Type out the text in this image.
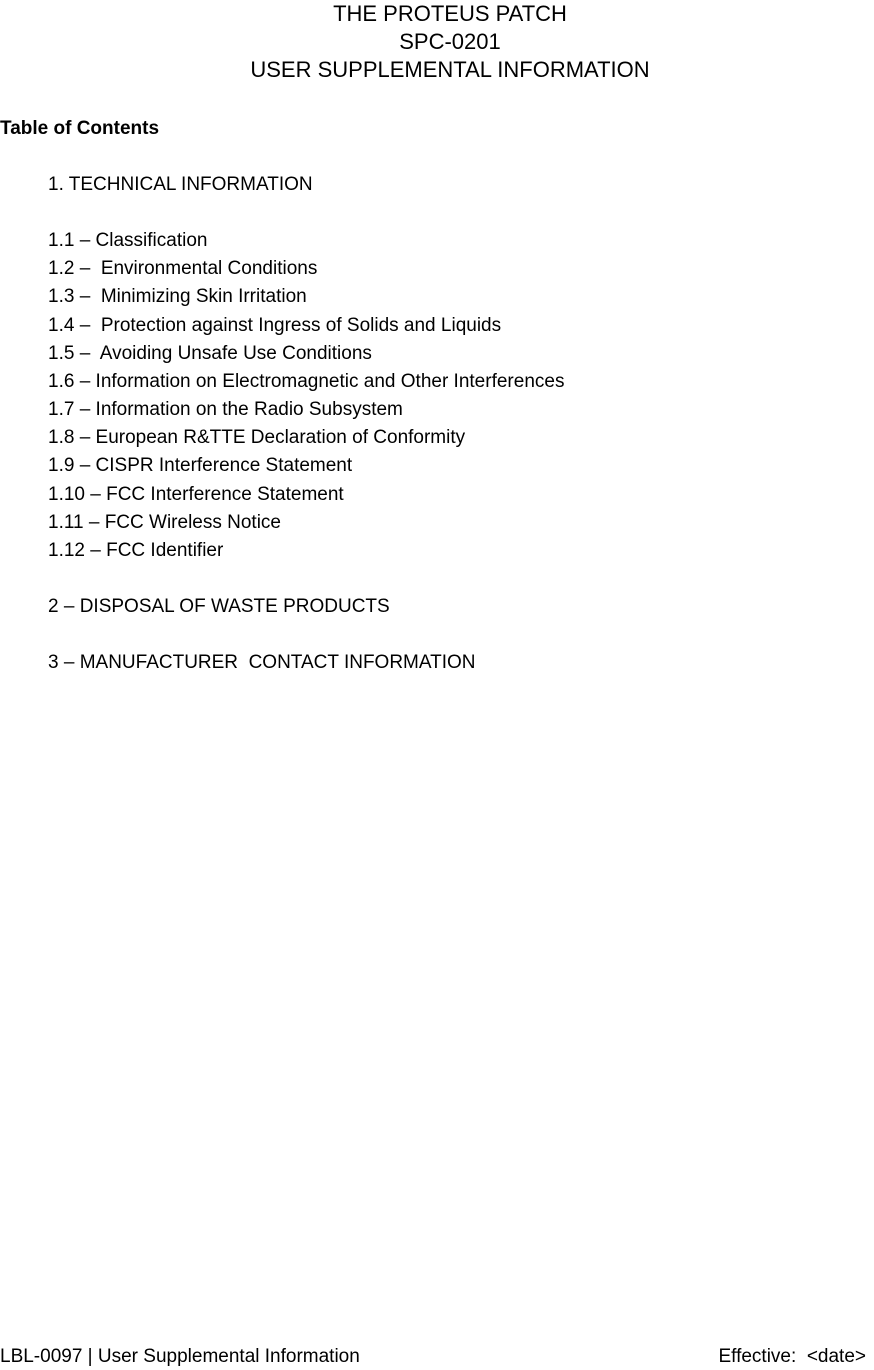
THE PROTEUS PATCH
SPC-0201
USER SUPPLEMENTAL INFORMATION
Table of Contents
1. TECHNICAL INFORMATION
1.1 – Classification
1.2 –  Environmental Conditions
1.3 –  Minimizing Skin Irritation
1.4 –  Protection against Ingress of Solids and Liquids
1.5 –  Avoiding Unsafe Use Conditions
1.6 – Information on Electromagnetic and Other Interferences
1.7 – Information on the Radio Subsystem
1.8 – European R&TTE Declaration of Conformity
1.9 – CISPR Interference Statement
1.10 – FCC Interference Statement
1.11 – FCC Wireless Notice
1.12 – FCC Identifier
2 – DISPOSAL OF WASTE PRODUCTS
3 – MANUFACTURER  CONTACT INFORMATION
LBL-0097 | User Supplemental Information	Effective:  <date>
